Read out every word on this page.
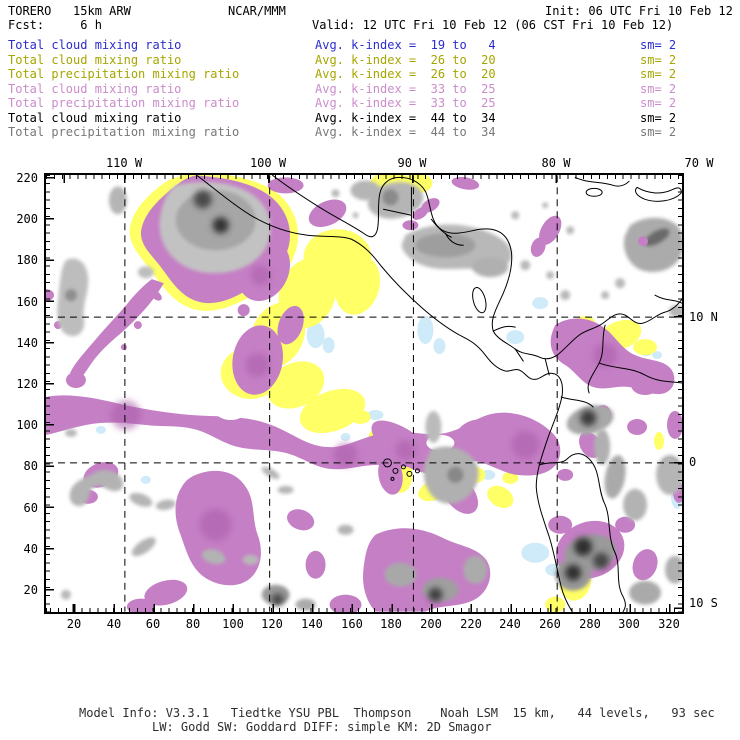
TORERO   15km ARW	NCAR/MMM	Init: 06 UTC Fri 10 Feb 12
Fcst:     6 h	Valid: 12 UTC Fri 10 Feb 12 (06 CST Fri 10 Feb 12)
Total cloud mixing ratio	Avg. k-index =  19 to   4	sm= 2
Total cloud mixing ratio	Avg. k-index =  26 to  20	sm= 2
Total precipitation mixing ratio	Avg. k-index =  26 to  20	sm= 2
Total cloud mixing ratio	Avg. k-index =  33 to  25	sm= 2
Total precipitation mixing ratio	Avg. k-index =  33 to  25	sm= 2
Total cloud mixing ratio	Avg. k-index =  44 to  34	sm= 2
Total precipitation mixing ratio	Avg. k-index =  44 to  34	sm= 2
110 W	100 W	90 W	80 W	70 W
10 N
0
10 S
220
200
180
160
140
120
100
80
60
40
20
20 40 60 80 100 120 140 160 180 200 220 240 260 280 300 320
Model Info: V3.3.1   Tiedtke YSU PBL  Thompson    Noah LSM  15 km,   44 levels,   93 sec
LW: Godd SW: Goddard DIFF: simple KM: 2D Smagor
